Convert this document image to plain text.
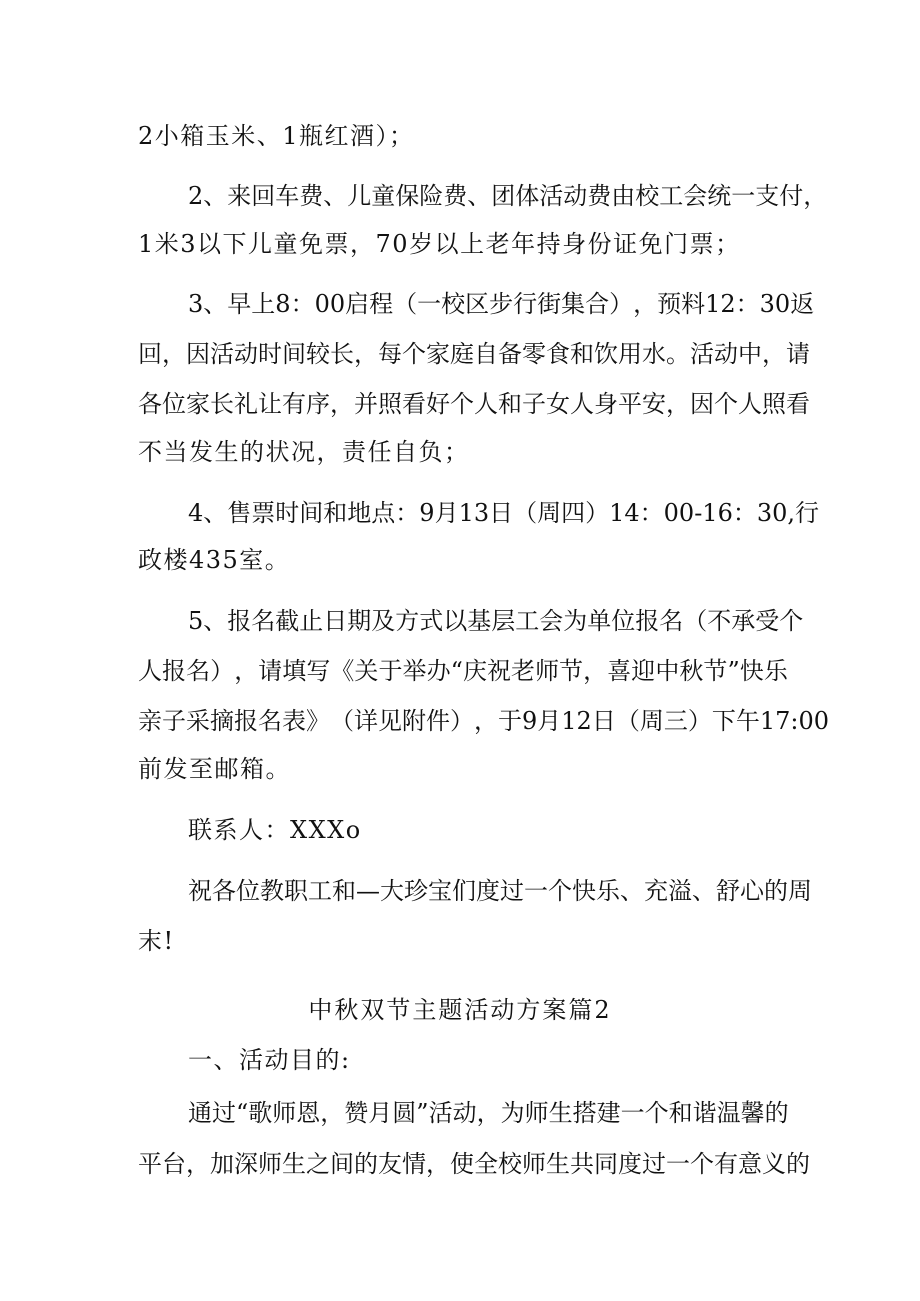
2小箱玉米、1瓶红酒）；
2 、 来 回 车 费 、 儿 童 保 险 费 、 团 体 活 动 费 由 校 工 会 统 一 支 付 ，
1米3以下儿童免票，70岁以上老年持身份证免门票；
3 、 早 上 8 ： 00 启 程 （ 一 校 区 步 行 街 集 合 ） ， 预 料 12 ： 30 返
回 ， 因 活 动 时 间 较 长 ， 每 个 家 庭 自 备 零 食 和 饮 用 水 。 活 动 中 ， 请
各 位 家 长 礼 让 有 序 ， 并 照 看 好 个 人 和 子 女 人 身 平 安 ， 因 个 人 照 看
不当发生的状况，责任自负；
4 、 售 票 时 间 和 地 点 ： 9 月 13 日 （ 周 四 ） 14 ： 00-16 ： 30, 行
政楼435室。
5 、 报 名 截 止 日 期 及 方 式 以 基 层 工 会 为 单 位 报 名 （ 不 承 受 个
人 报 名 ） ， 请 填 写 《 关 于 举 办 “ 庆 祝 老 师 节 ， 喜 迎 中 秋 节 ” 快 乐
亲 子 采 摘 报 名 表 》 （ 详 见 附 件 ） ， 于 9 月 12 日 （ 周 三 ） 下 午 17:00
前发至邮箱。
联系人：XXXo
祝 各 位 教 职 工 和 — 大 珍 宝 们 度 过 一 个 快 乐 、 充 溢 、 舒 心 的 周
末!
中秋双节主题活动方案篇2
一、活动目的:
通 过 “ 歌 师 恩 ， 赞 月 圆 ” 活 动 ， 为 师 生 搭 建 一 个 和 谐 温 馨 的
平 台 ， 加 深 师 生 之 间 的 友 情 ， 使 全 校 师 生 共 同 度 过 一 个 有 意 义 的
